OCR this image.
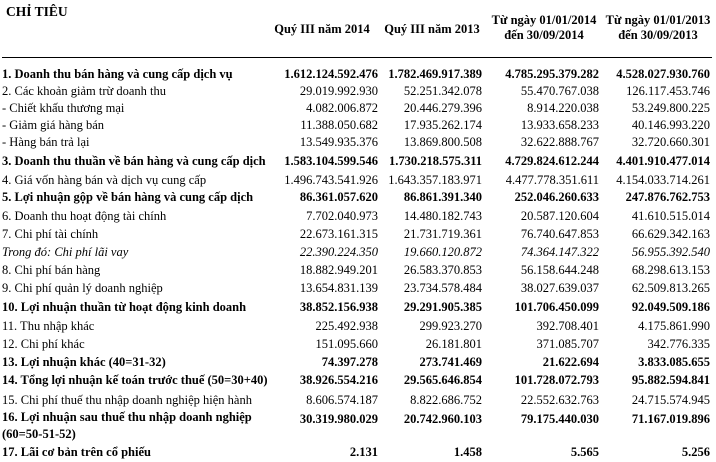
CHỈ TIÊU
Quý III năm 2014	Quý III năm 2013
Từ ngày 01/01/2014
đến 30/09/2014
Từ ngày 01/01/2013
đến 30/09/2013
1. Doanh thu bán hàng và cung cấp dịch vụ	1.612.124.592.476 1.782.469.917.389 4.785.295.379.282 4.528.027.930.760
2. Các khoản giảm trừ doanh thu	29.019.992.930 52.251.342.078	55.470.767.038 126.117.453.746
- Chiết khấu thương mại	4.082.006.872 20.446.279.396	8.914.220.038	53.249.800.225
- Giảm giá hàng bán	11.388.050.682 17.935.262.174	13.933.658.233	40.146.993.220
- Hàng bán trả lại	13.549.935.376 13.869.800.508	32.622.888.767	32.720.660.301
3. Doanh thu thuần về bán hàng và cung cấp dịch 1.583.104.599.546 1.730.218.575.311 4.729.824.612.244 4.401.910.477.014
4. Giá vốn hàng bán và dịch vụ cung cấp	1.496.743.541.926 1.643.357.183.971 4.477.778.351.611 4.154.033.714.261
5. Lợi nhuận gộp về bán hàng và cung cấp dịch	86.361.057.620 86.861.391.340	252.046.260.633 247.876.762.753
6. Doanh thu hoạt động tài chính	7.702.040.973 14.480.182.743	20.587.120.604	41.610.515.014
7. Chi phí tài chính	22.673.161.315 21.731.719.361	76.740.647.853	66.629.342.163
Trong đó: Chi phí lãi vay	22.390.224.350 19.660.120.872	74.364.147.322	56.955.392.540
8. Chi phí bán hàng	18.882.949.201 26.583.370.853	56.158.644.248	68.298.613.153
9. Chi phí quản lý doanh nghiệp	13.654.831.139 23.734.578.484	38.027.639.037	62.509.813.265
10. Lợi nhuận thuần từ hoạt động kinh doanh	38.852.156.938 29.291.905.385	101.706.450.099	92.049.509.186
11. Thu nhập khác	225.492.938	299.923.270	392.708.401	4.175.861.990
12. Chi phí khác	151.095.660	26.181.801	371.085.707	342.776.335
13. Lợi nhuận khác (40=31-32)	74.397.278	273.741.469	21.622.694	3.833.085.655
14. Tổng lợi nhuận kế toán trước thuế (50=30+40)	38.926.554.216 29.565.646.854	101.728.072.793	95.882.594.841
15. Chi phí thuế thu nhập doanh nghiệp hiện hành	8.606.574.187	8.822.686.752	22.552.632.763	24.715.574.945
16. Lợi nhuận sau thuế thu nhập doanh nghiệp
(60=50-51-52)
30.319.980.029 20.742.960.103	79.175.440.030	71.167.019.896
17. Lãi cơ bản trên cổ phiếu	2.131	1.458	5.565	5.256
